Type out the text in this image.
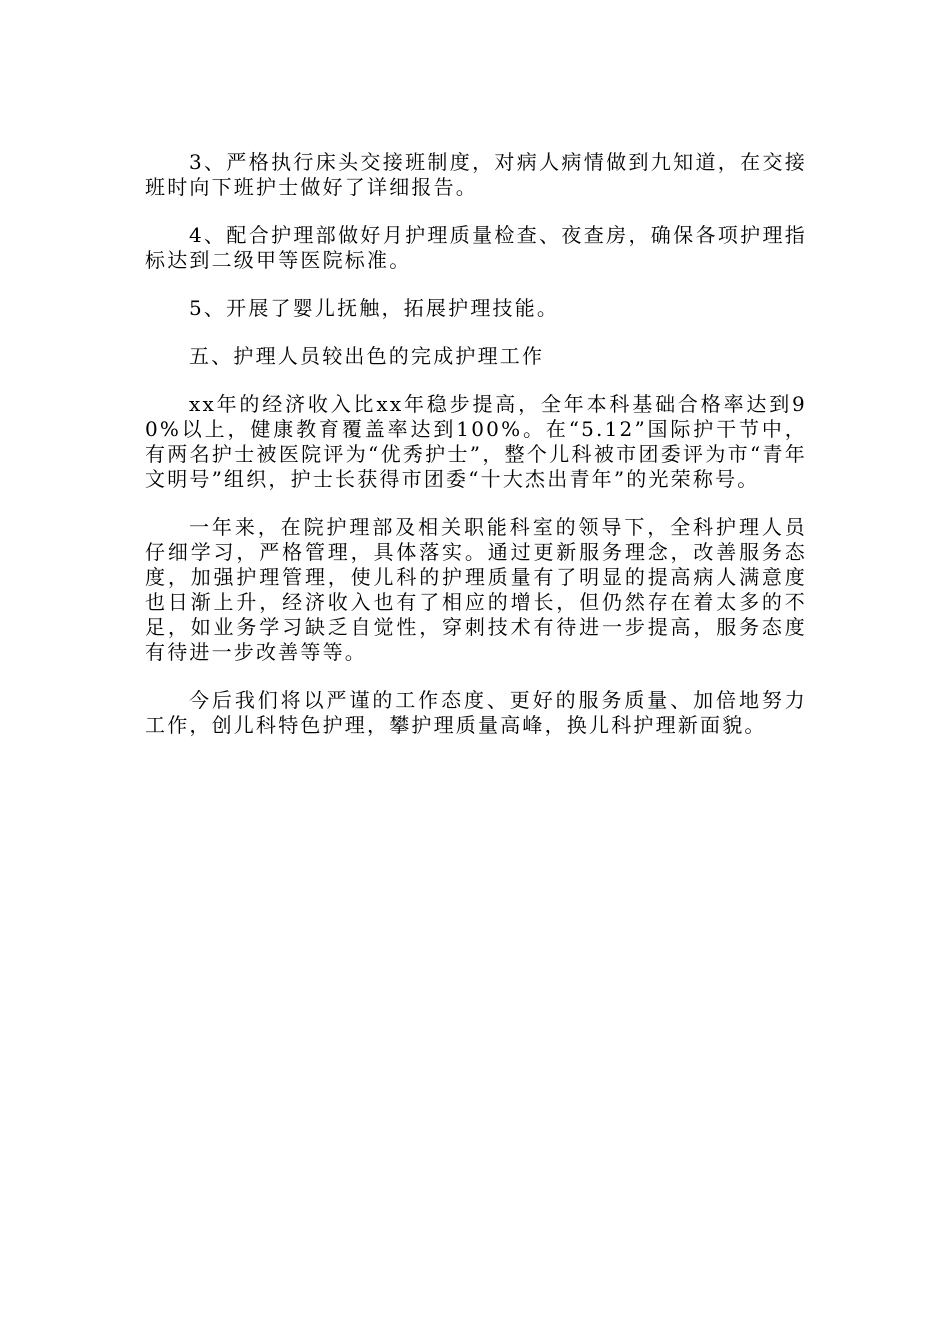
3、严格执行床头交接班制度，对病人病情做到九知道，在交接班时向下班护士做好了详细报告。

4、配合护理部做好月护理质量检查、夜查房，确保各项护理指标达到二级甲等医院标准。

5、开展了婴儿抚触，拓展护理技能。

五、护理人员较出色的完成护理工作

xx年的经济收入比xx年稳步提高，全年本科基础合格率达到90%以上，健康教育覆盖率达到100%。在“5.12”国际护干节中，有两名护士被医院评为“优秀护士”，整个儿科被市团委评为市“青年文明号”组织，护士长获得市团委“十大杰出青年”的光荣称号。

一年来，在院护理部及相关职能科室的领导下，全科护理人员仔细学习，严格管理，具体落实。通过更新服务理念，改善服务态度，加强护理管理，使儿科的护理质量有了明显的提高病人满意度也日渐上升，经济收入也有了相应的增长，但仍然存在着太多的不足，如业务学习缺乏自觉性，穿刺技术有待进一步提高，服务态度有待进一步改善等等。

今后我们将以严谨的工作态度、更好的服务质量、加倍地努力工作，创儿科特色护理，攀护理质量高峰，换儿科护理新面貌。
